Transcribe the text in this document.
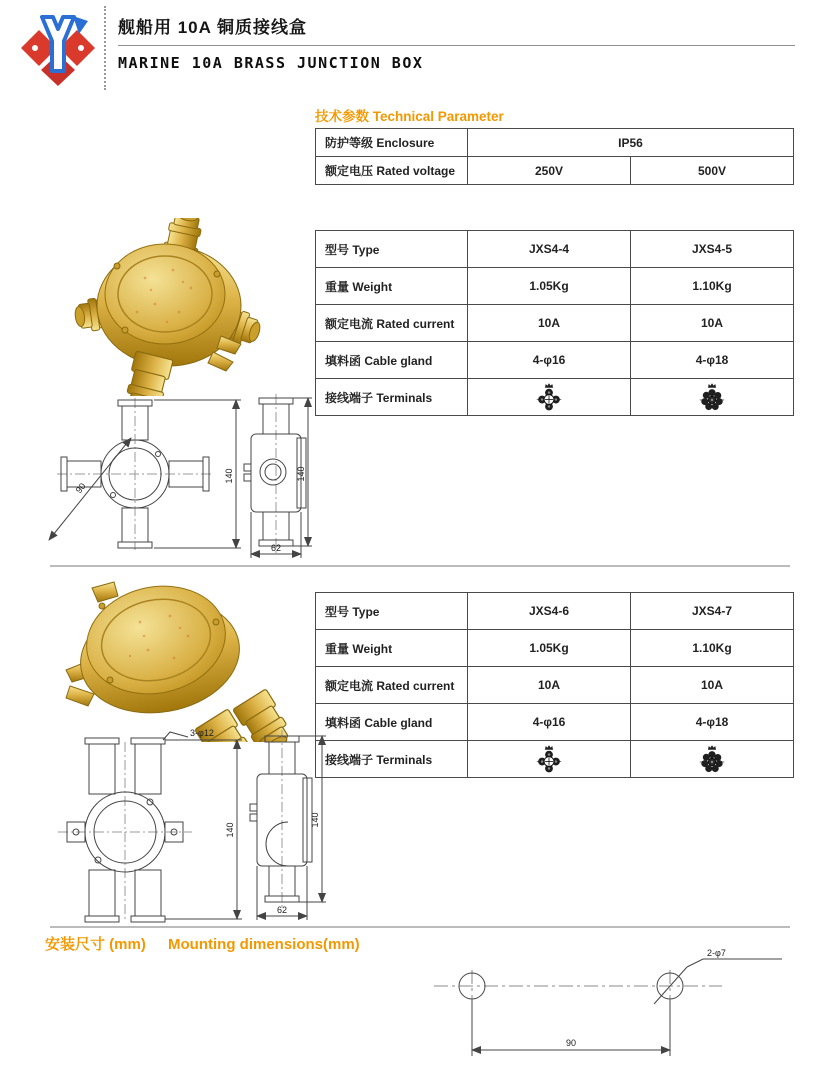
舰船用 10A 铜质接线盒
MARINE 10A BRASS JUNCTION BOX
技术参数 Technical Parameter
防护等级 Enclosure	IP56	
额定电压 Rated voltage	250V	500V
型号 Type	JXS4-4	JXS4-5
重量 Weight	1.05Kg	1.10Kg
额定电流 Rated current	10A	10A
填料函 Cable gland	4-φ16	4-φ18
接线端子 Terminals		
90
140	140
62
型号 Type	JXS4-6	JXS4-7
重量 Weight	1.05Kg	1.10Kg
额定电流 Rated current	10A	10A
填料函 Cable gland	4-φ16	4-φ18
接线端子 Terminals		
3-φ12
140
140
62
安装尺寸 (mm) Mounting dimensions(mm)	2-φ7
90
